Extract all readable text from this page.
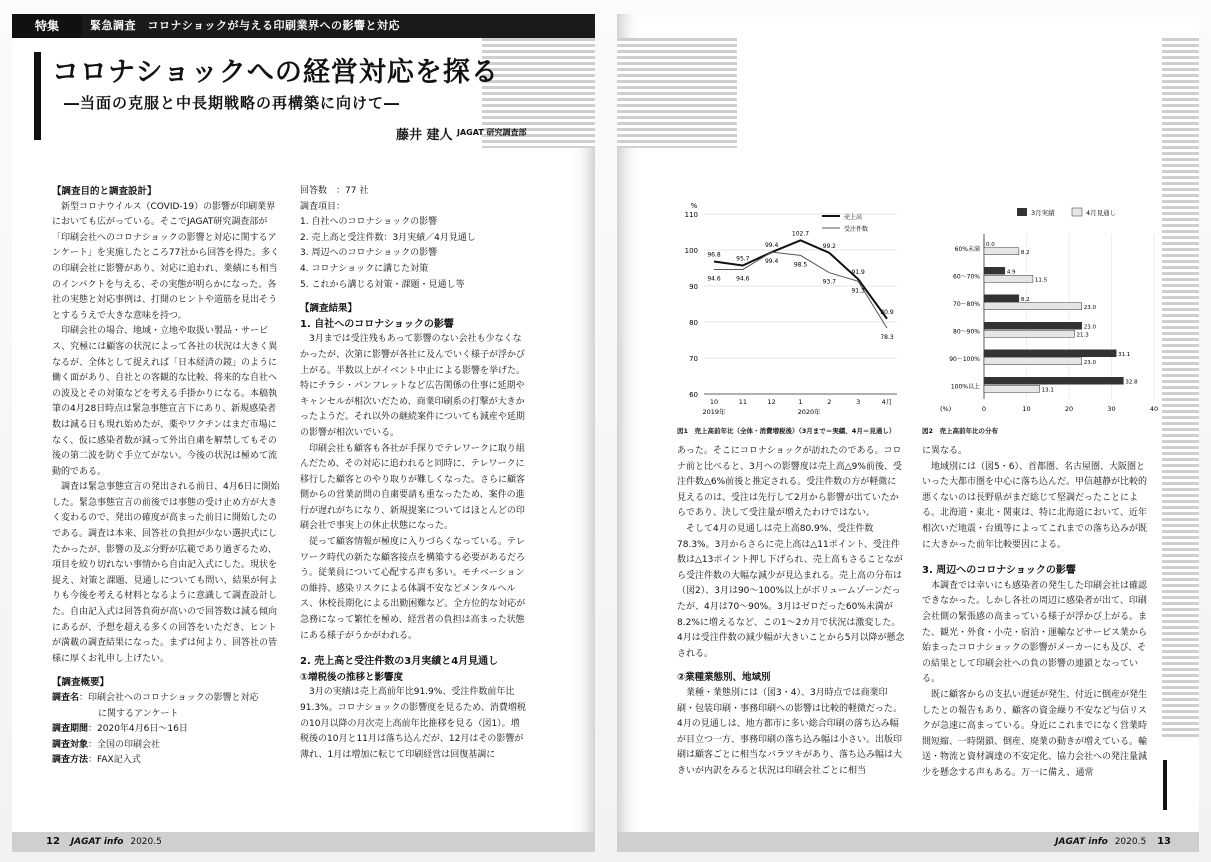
特集	緊急調査　コロナショックが与える印刷業界への影響と対応
コロナショックへの経営対応を探る
―当面の克服と中長期戦略の再構築に向けて―
藤井 建人 JAGAT 研究調査部

【調査目的と調査設計】

新型コロナウイルス（COVID-19）の影響が印刷業界においても広がっている。そこでJAGAT研究調査部が「印刷会社へのコロナショックの影響と対応に関するアンケート」を実施したところ77社から回答を得た。多くの印刷会社に影響があり、対応に追われ、業績にも相当のインパクトを与える、その実態が明らかになった。各社の実態と対応事例は、打開のヒントや道筋を見出そうとするうえで大きな意味を持つ。

印刷会社の場合、地域・立地や取扱い製品・サービス、究極には顧客の状況によって各社の状況は大きく異なるが、全体として捉えれば「日本経済の鏡」のように働く面があり、自社との客観的な比較、将来的な自社への波及とその対策などを考える手掛かりになる。本稿執筆の4月28日時点は緊急事態宣言下にあり、新規感染者数は減る日も現れ始めたが、薬やワクチンはまだ市場になく、仮に感染者数が減って外出自粛を解禁してもその後の第二波を防ぐ手立てがない。今後の状況は極めて流動的である。

調査は緊急事態宣言の発出される前日、4月6日に開始した。緊急事態宣言の前後では事態の受け止め方が大きく変わるので、発出の確度が高まった前日に開始したのである。調査は本来、回答社の負担が少ない選択式にしたかったが、影響の及ぶ分野が広範であり過ぎるため、項目を絞り切れない事情から自由記入式にした。現状を捉え、対策と課題、見通しについても問い、結果が何よりも今後を考える材料となるように意識して調査設計した。自由記入式は回答負荷が高いので回答数は減る傾向にあるが、予想を超える多くの回答をいただき、ヒントが満載の調査結果になった。まずは何より、回答社の皆様に厚くお礼申し上げたい。

【調査概要】

調査名：印刷会社へのコロナショックの影響と対応

に関するアンケート

調査期間：2020年4月6日～16日

調査対象：全国の印刷会社

調査方法：FAX記入式

回答数　：77 社

調査項目：

1. 自社へのコロナショックの影響

2. 売上高と受注件数：3月実績／4月見通し

3. 周辺へのコロナショックの影響

4. コロナショックに講じた対策

5. これから講じる対策・課題・見通し等

【調査結果】

1. 自社へのコロナショックの影響

3月までは受注残もあって影響のない会社も少なくなかったが、次第に影響が各社に及んでいく様子が浮かび上がる。半数以上がイベント中止による影響を挙げた。特にチラシ・パンフレットなど広告関係の仕事に延期やキャンセルが相次いだため、商業印刷系の打撃が大きかったようだ。それ以外の継続案件についても減産や延期の影響が相次いでいる。

印刷会社も顧客も各社が手探りでテレワークに取り組んだため、その対応に追われると同時に、テレワークに移行した顧客とのやり取りが難しくなった。さらに顧客側からの営業訪問の自粛要請も重なったため、案件の進行が遅れがちになり、新規提案についてはほとんどの印刷会社で事実上の休止状態になった。

従って顧客情報が極度に入りづらくなっている。テレワーク時代の新たな顧客接点を構築する必要があるだろう。従業員について心配する声も多い。モチベーションの維持、感染リスクによる体調不安などメンタルヘルス、休校長期化による出勤困難など。全方位的な対応が急務になって繁忙を極め、経営者の負担は高まった状態にある様子がうかがわれる。

2. 売上高と受注件数の3月実績と4月見通し

①増税後の推移と影響度

3月の実績は売上高前年比91.9%、受注件数前年比91.3%。コロナショックの影響度を見るため、消費増税の10月以降の月次売上高前年比推移を見る（図1）。増税後の10月と11月は落ち込んだが、12月はその影響が薄れ、1月は増加に転じて印刷経営は回復基調に

12 JAGAT info 2020.5
%
60
70
80
90
100
110
10	11	12	1	2	3	4月
2019年	2020年
96.8
95.7
99.4
102.7
99.2
91.9
80.9
94.6	94.6
99.4	98.5
93.7
91.3
78.3
売上高
受注件数
図1　売上高前年比（全体・消費増税後）（3月まで＝実績、4月＝見通し）
0	10	20	30	40
(%)
60%未満
0.0
8.2
60～70%
4.9
11.5
70～80%
8.2
23.0
80～90%
23.0
21.3
90～100%
31.1
23.0
100%以上
32.8
13.1
3月実績	4月見通し
図2　売上高前年比の分布

あった。そこにコロナショックが訪れたのである。コロナ前と比べると、3月への影響度は売上高△9%前後、受注件数△6%前後と推定される。受注件数の方が軽微に見えるのは、受注は先行して2月から影響が出ていたからであり、決して受注量が増えたわけではない。

そして4月の見通しは売上高80.9%、受注件数78.3%。3月からさらに売上高は△11ポイント、受注件数は△13ポイント押し下げられ、売上高もさることながら受注件数の大幅な減少が見込まれる。売上高の分布は（図2）、3月は90～100%以上がボリュームゾーンだったが、4月は70～90%。3月はゼロだった60%未満が8.2%に増えるなど、この1～2カ月で状況は激変した。4月は受注件数の減少幅が大きいことから5月以降が懸念される。

②業種業態別、地域別

業種・業態別には（図3・4）、3月時点では商業印刷・包装印刷・事務印刷への影響は比較的軽微だった。4月の見通しは、地方都市に多い総合印刷の落ち込み幅が目立つ一方、事務印刷の落ち込み幅は小さい。出版印刷は顧客ごとに相当なバラツキがあり、落ち込み幅は大きいが内訳をみると状況は印刷会社ごとに相当

に異なる。

地域別には（図5・6）、首都圏、名古屋圏、大阪圏といった大都市圏を中心に落ち込んだ。甲信越静が比較的悪くないのは長野県がまだ総じて堅調だったことによる。北海道・東北・関東は、特に北海道において、近年相次いだ地震・台風等によってこれまでの落ち込みが既に大きかった前年比較要因による。

3. 周辺へのコロナショックの影響

本調査では幸いにも感染者の発生した印刷会社は確認できなかった。しかし各社の周辺に感染者が出て、印刷会社側の緊張感の高まっている様子が浮かび上がる。また、観光・外食・小売・宿泊・運輸などサービス業から始まったコロナショックの影響がメーカーにも及び、その結果として印刷会社への負の影響の連鎖となっている。

既に顧客からの支払い遅延が発生、付近に倒産が発生したとの報告もあり、顧客の資金繰り不安など与信リスクが急速に高まっている。身近にこれまでになく営業時間短縮、一時閉鎖、倒産、廃業の動きが増えている。輸送・物流と資材調達の不安定化、協力会社への発注量減少を懸念する声もある。万一に備え、通常

JAGAT info 2020.5 13
